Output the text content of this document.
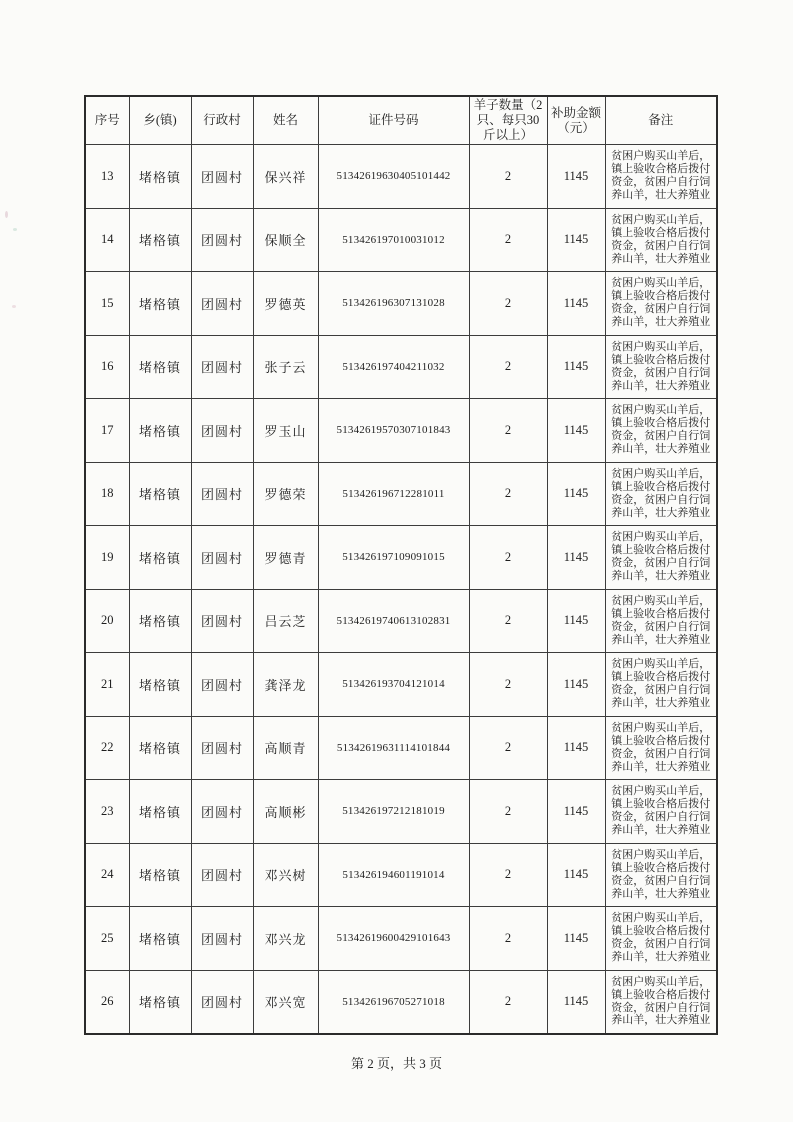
序号	乡(镇)	行政村	姓名	证件号码	羊子数量（2只、每只30斤以上）	补助金额（元）	备注
13	堵格镇	团圆村	保兴祥	51342619630405101442	2	1145	贫困户购买山羊后，镇上验收合格后拨付资金，贫困户自行饲养山羊，壮大养殖业
14	堵格镇	团圆村	保顺全	513426197010031012	2	1145	贫困户购买山羊后，镇上验收合格后拨付资金，贫困户自行饲养山羊，壮大养殖业
15	堵格镇	团圆村	罗德英	513426196307131028	2	1145	贫困户购买山羊后，镇上验收合格后拨付资金，贫困户自行饲养山羊，壮大养殖业
16	堵格镇	团圆村	张子云	513426197404211032	2	1145	贫困户购买山羊后，镇上验收合格后拨付资金，贫困户自行饲养山羊，壮大养殖业
17	堵格镇	团圆村	罗玉山	51342619570307101843	2	1145	贫困户购买山羊后，镇上验收合格后拨付资金，贫困户自行饲养山羊，壮大养殖业
18	堵格镇	团圆村	罗德荣	513426196712281011	2	1145	贫困户购买山羊后，镇上验收合格后拨付资金，贫困户自行饲养山羊，壮大养殖业
19	堵格镇	团圆村	罗德青	513426197109091015	2	1145	贫困户购买山羊后，镇上验收合格后拨付资金，贫困户自行饲养山羊，壮大养殖业
20	堵格镇	团圆村	吕云芝	51342619740613102831	2	1145	贫困户购买山羊后，镇上验收合格后拨付资金，贫困户自行饲养山羊，壮大养殖业
21	堵格镇	团圆村	龚泽龙	513426193704121014	2	1145	贫困户购买山羊后，镇上验收合格后拨付资金，贫困户自行饲养山羊，壮大养殖业
22	堵格镇	团圆村	高顺青	51342619631114101844	2	1145	贫困户购买山羊后，镇上验收合格后拨付资金，贫困户自行饲养山羊，壮大养殖业
23	堵格镇	团圆村	高顺彬	513426197212181019	2	1145	贫困户购买山羊后，镇上验收合格后拨付资金，贫困户自行饲养山羊，壮大养殖业
24	堵格镇	团圆村	邓兴树	513426194601191014	2	1145	贫困户购买山羊后，镇上验收合格后拨付资金，贫困户自行饲养山羊，壮大养殖业
25	堵格镇	团圆村	邓兴龙	51342619600429101643	2	1145	贫困户购买山羊后，镇上验收合格后拨付资金，贫困户自行饲养山羊，壮大养殖业
26	堵格镇	团圆村	邓兴宽	513426196705271018	2	1145	贫困户购买山羊后，镇上验收合格后拨付资金，贫困户自行饲养山羊，壮大养殖业
第 2 页，共 3 页
